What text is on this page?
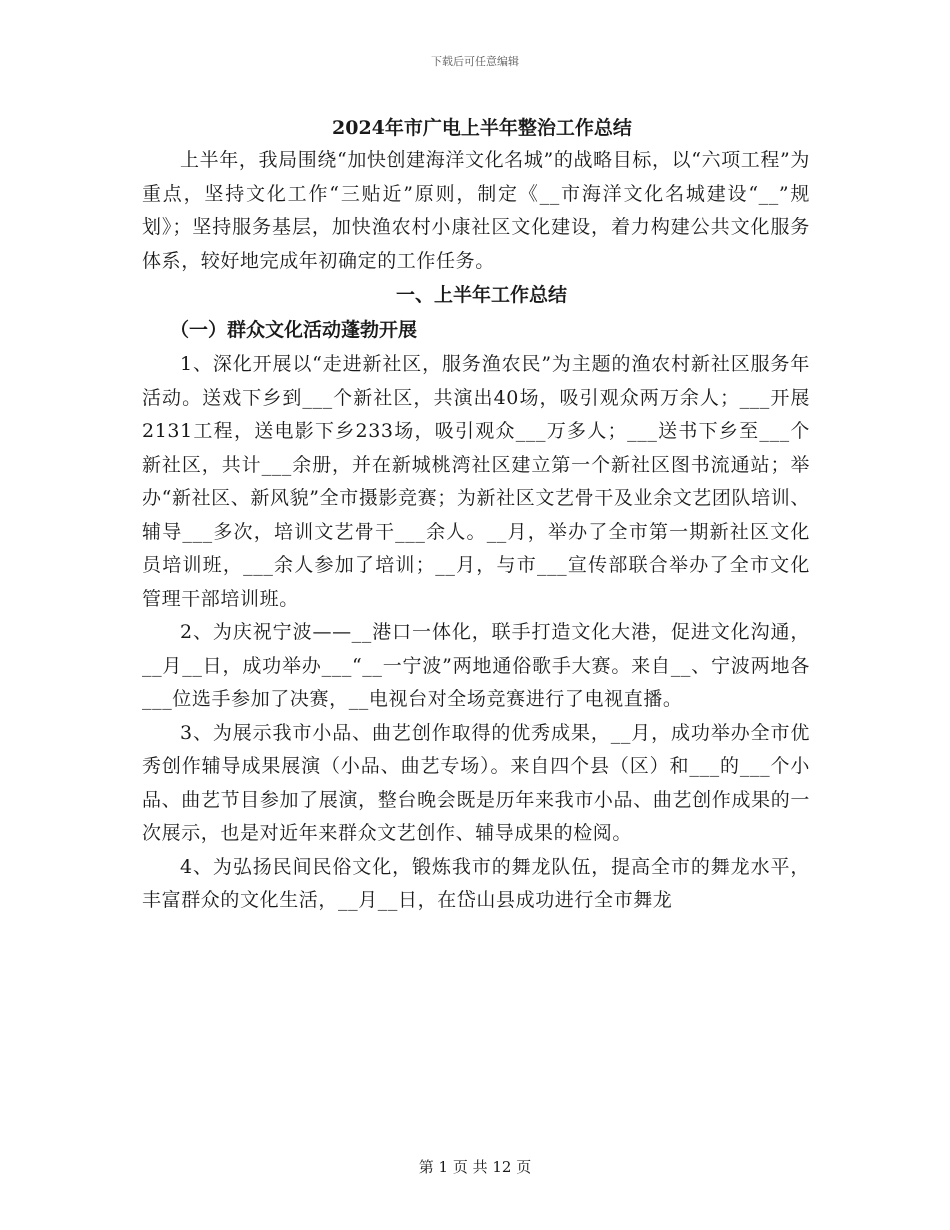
下载后可任意编辑
2024年市广电上半年整治工作总结

上半年，我局围绕“加快创建海洋文化名城”的战略目标，以“六项工程”为重点，坚持文化工作“三贴近”原则，制定《__市海洋文化名城建设“__”规划》；坚持服务基层，加快渔农村小康社区文化建设，着力构建公共文化服务体系，较好地完成年初确定的工作任务。

一、上半年工作总结
（一）群众文化活动蓬勃开展

1、深化开展以“走进新社区，服务渔农民”为主题的渔农村新社区服务年活动。送戏下乡到___个新社区，共演出40场，吸引观众两万余人；___开展2131工程，送电影下乡233场，吸引观众___万多人；___送书下乡至___个新社区，共计___余册，并在新城桃湾社区建立第一个新社区图书流通站；举办“新社区、新风貌”全市摄影竞赛；为新社区文艺骨干及业余文艺团队培训、辅导___多次，培训文艺骨干___余人。__月，举办了全市第一期新社区文化员培训班，___余人参加了培训；__月，与市___宣传部联合举办了全市文化管理干部培训班。

2、为庆祝宁波——__港口一体化，联手打造文化大港，促进文化沟通，__月__日，成功举办___“__一宁波”两地通俗歌手大赛。来自__、宁波两地各___位选手参加了决赛，__电视台对全场竞赛进行了电视直播。

3、为展示我市小品、曲艺创作取得的优秀成果，__月，成功举办全市优秀创作辅导成果展演（小品、曲艺专场）。来自四个县（区）和___的___个小品、曲艺节目参加了展演，整台晚会既是历年来我市小品、曲艺创作成果的一次展示，也是对近年来群众文艺创作、辅导成果的检阅。

4、为弘扬民间民俗文化，锻炼我市的舞龙队伍，提高全市的舞龙水平，丰富群众的文化生活，__月__日，在岱山县成功进行全市舞龙

第 1 页 共 12 页
